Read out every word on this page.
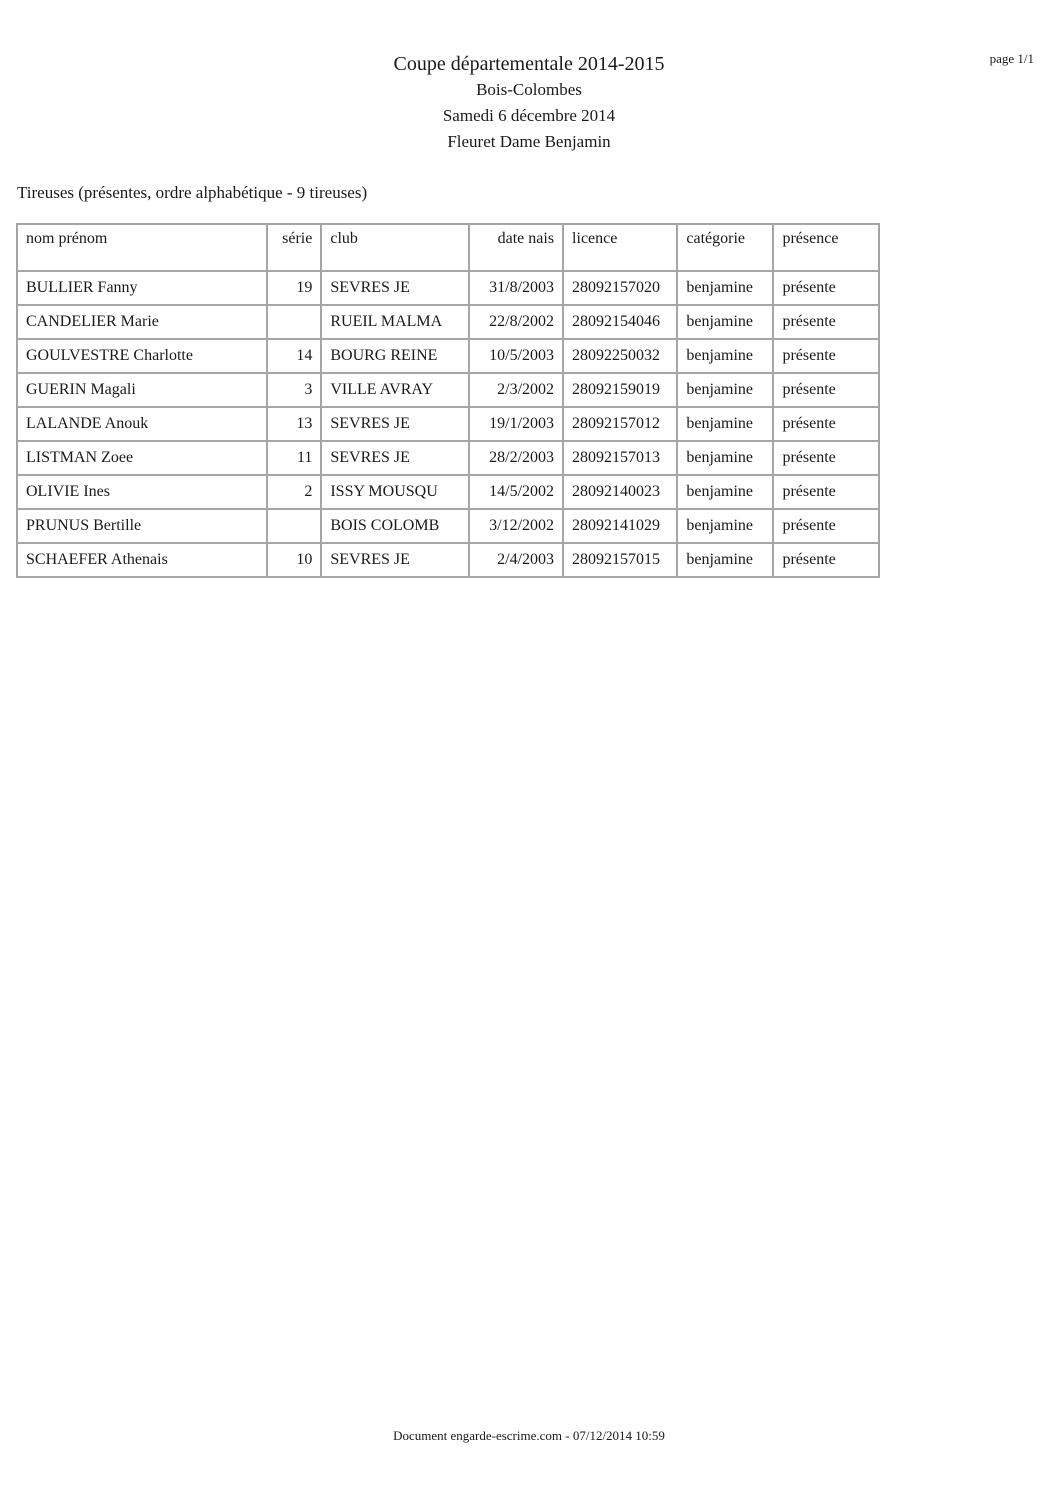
page 1/1
Coupe départementale 2014-2015
Bois-Colombes
Samedi 6 décembre 2014
Fleuret Dame Benjamin
Tireuses (présentes, ordre alphabétique - 9 tireuses)
nom prénom	série	club	date nais	licence	catégorie	présence
BULLIER Fanny	19	SEVRES JE	31/8/2003	28092157020	benjamine	présente
CANDELIER Marie		RUEIL MALMA	22/8/2002	28092154046	benjamine	présente
GOULVESTRE Charlotte	14	BOURG REINE	10/5/2003	28092250032	benjamine	présente
GUERIN Magali	3	VILLE AVRAY	2/3/2002	28092159019	benjamine	présente
LALANDE Anouk	13	SEVRES JE	19/1/2003	28092157012	benjamine	présente
LISTMAN Zoee	11	SEVRES JE	28/2/2003	28092157013	benjamine	présente
OLIVIE Ines	2	ISSY MOUSQU	14/5/2002	28092140023	benjamine	présente
PRUNUS Bertille		BOIS COLOMB	3/12/2002	28092141029	benjamine	présente
SCHAEFER Athenais	10	SEVRES JE	2/4/2003	28092157015	benjamine	présente
Document engarde-escrime.com - 07/12/2014 10:59
